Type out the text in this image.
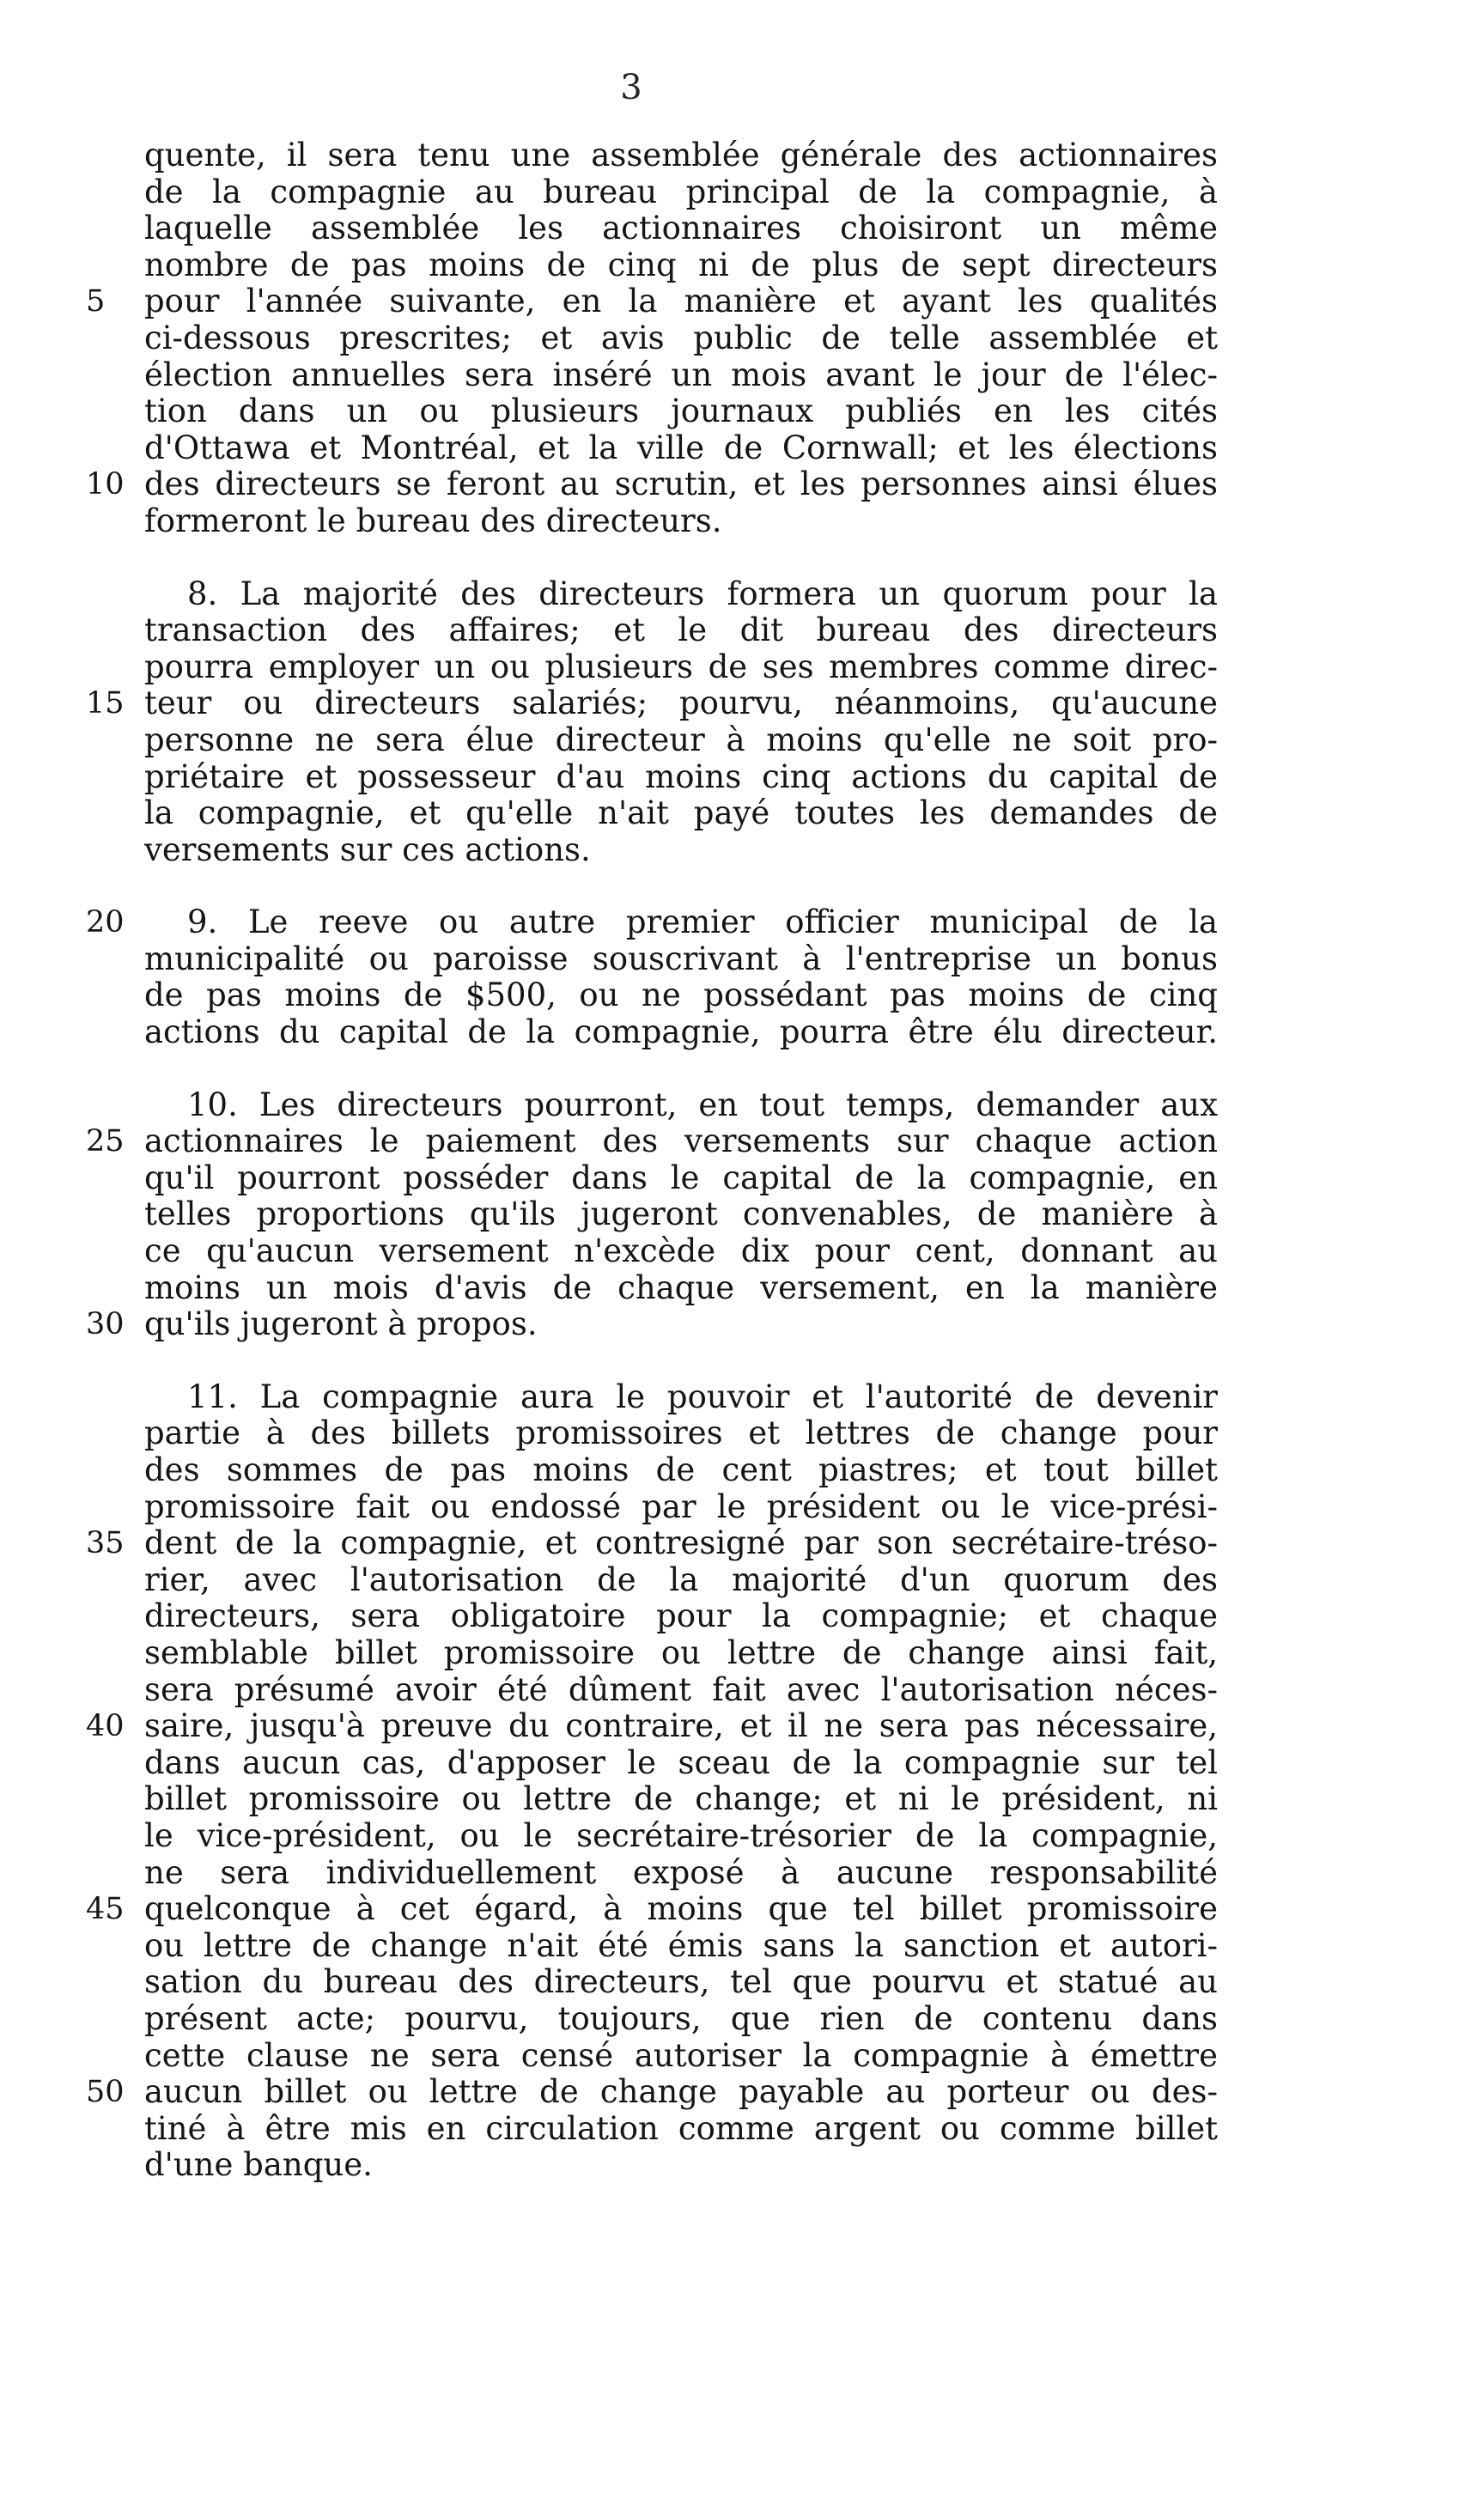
3
quente, il sera tenu une assemblée générale des actionnaires
de la compagnie au bureau principal de la compagnie, à
laquelle assemblée les actionnaires choisiront un même
nombre de pas moins de cinq ni de plus de sept directeurs
5	pour l'année suivante, en la manière et ayant les qualités
ci-dessous prescrites; et avis public de telle assemblée et
élection annuelles sera inséré un mois avant le jour de l'élec-
tion dans un ou plusieurs journaux publiés en les cités
d'Ottawa et Montréal, et la ville de Cornwall; et les élections
10 des directeurs se feront au scrutin, et les personnes ainsi élues
formeront le bureau des directeurs.
8. La majorité des directeurs formera un quorum pour la
transaction des affaires; et le dit bureau des directeurs
pourra employer un ou plusieurs de ses membres comme direc-
15 teur ou directeurs salariés; pourvu, néanmoins, qu'aucune
personne ne sera élue directeur à moins qu'elle ne soit pro-
priétaire et possesseur d'au moins cinq actions du capital de
la compagnie, et qu'elle n'ait payé toutes les demandes de
versements sur ces actions.
20	9. Le reeve ou autre premier officier municipal de la
municipalité ou paroisse souscrivant à l'entreprise un bonus
de pas moins de $500, ou ne possédant pas moins de cinq
actions du capital de la compagnie, pourra être élu directeur.
10. Les directeurs pourront, en tout temps, demander aux
25 actionnaires le paiement des versements sur chaque action
qu'il pourront posséder dans le capital de la compagnie, en
telles proportions qu'ils jugeront convenables, de manière à
ce qu'aucun versement n'excède dix pour cent, donnant au
moins un mois d'avis de chaque versement, en la manière
30 qu'ils jugeront à propos.
11. La compagnie aura le pouvoir et l'autorité de devenir
partie à des billets promissoires et lettres de change pour
des sommes de pas moins de cent piastres; et tout billet
promissoire fait ou endossé par le président ou le vice-prési-
35 dent de la compagnie, et contresigné par son secrétaire-tréso-
rier, avec l'autorisation de la majorité d'un quorum des
directeurs, sera obligatoire pour la compagnie; et chaque
semblable billet promissoire ou lettre de change ainsi fait,
sera présumé avoir été dûment fait avec l'autorisation néces-
40 saire, jusqu'à preuve du contraire, et il ne sera pas nécessaire,
dans aucun cas, d'apposer le sceau de la compagnie sur tel
billet promissoire ou lettre de change; et ni le président, ni
le vice-président, ou le secrétaire-trésorier de la compagnie,
ne sera individuellement exposé à aucune responsabilité
45 quelconque à cet égard, à moins que tel billet promissoire
ou lettre de change n'ait été émis sans la sanction et autori-
sation du bureau des directeurs, tel que pourvu et statué au
présent acte; pourvu, toujours, que rien de contenu dans
cette clause ne sera censé autoriser la compagnie à émettre
50 aucun billet ou lettre de change payable au porteur ou des-
tiné à être mis en circulation comme argent ou comme billet
d'une banque.
